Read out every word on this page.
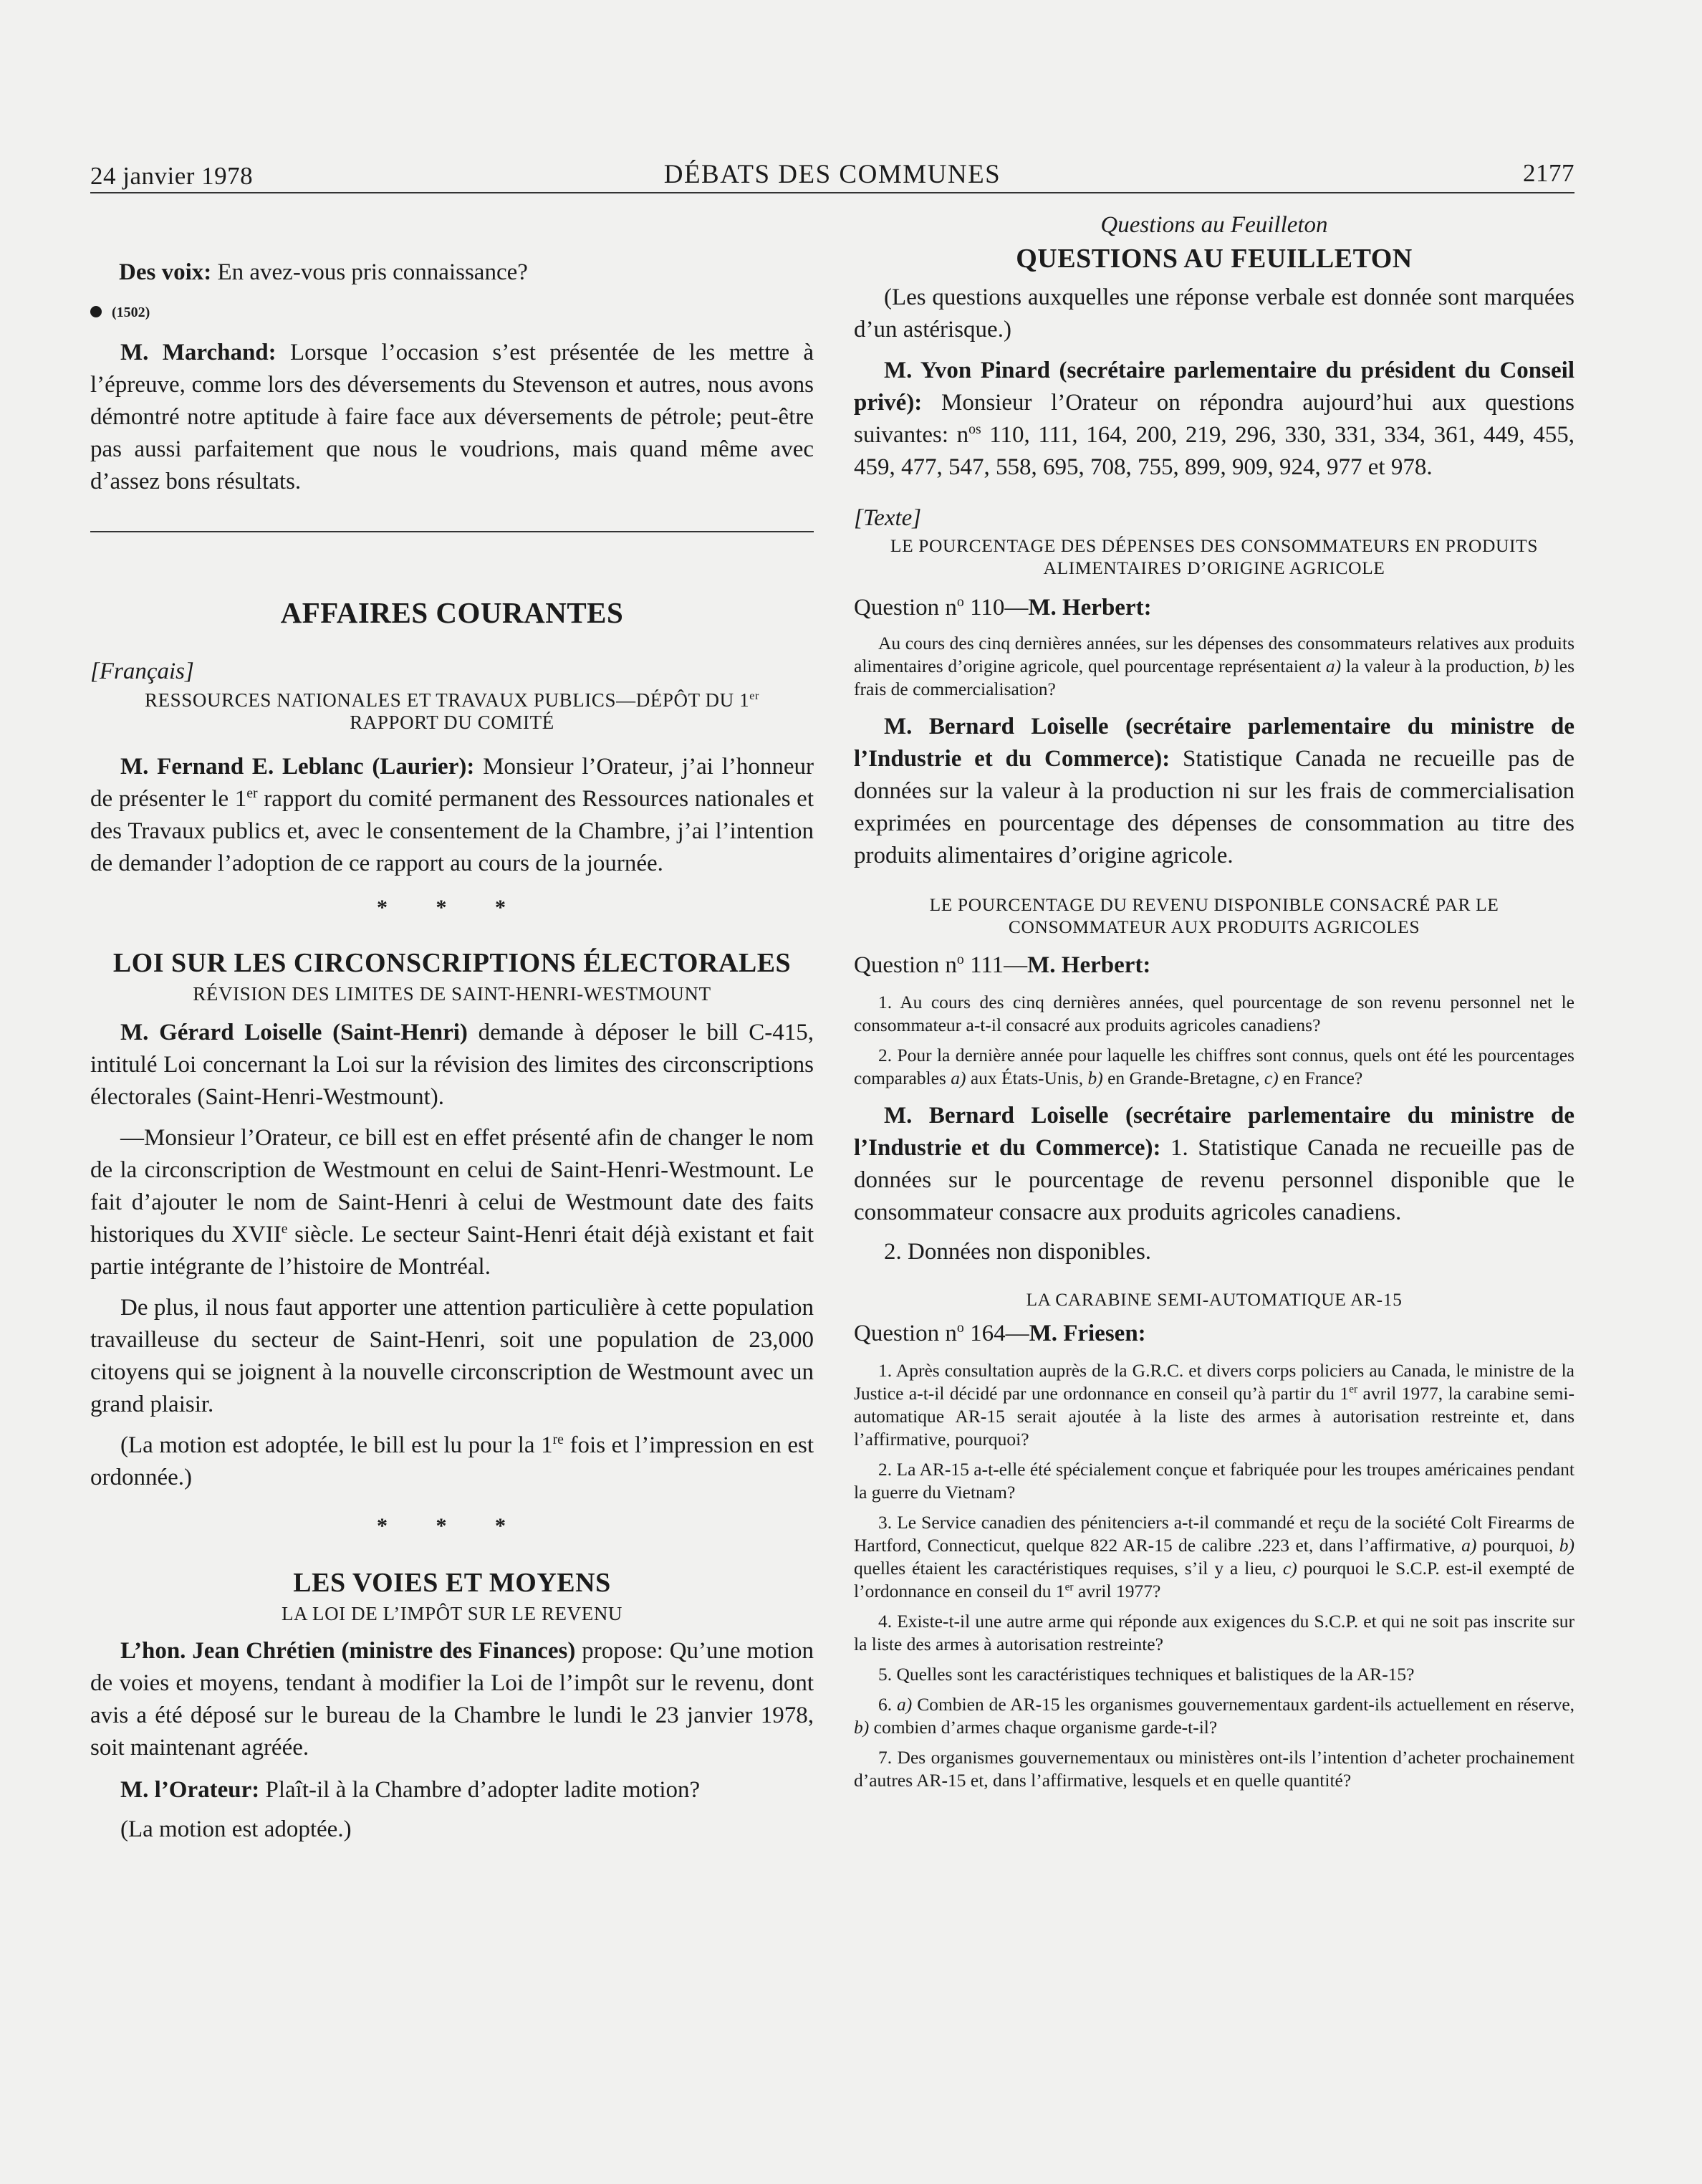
24 janvier 1978	DÉBATS DES COMMUNES	2177

Des voix: En avez-vous pris connaissance?

(1502)

M. Marchand: Lorsque l’occasion s’est présentée de les mettre à l’épreuve, comme lors des déversements du Stevenson et autres, nous avons démontré notre aptitude à faire face aux déversements de pétrole; peut-être pas aussi parfaitement que nous le voudrions, mais quand même avec d’assez bons résultats.

AFFAIRES COURANTES

[Français]

RESSOURCES NATIONALES ET TRAVAUX PUBLICS—DÉPÔT DU 1er
RAPPORT DU COMITÉ

M. Fernand E. Leblanc (Laurier): Monsieur l’Orateur, j’ai l’honneur de présenter le 1er rapport du comité permanent des Ressources nationales et des Travaux publics et, avec le consentement de la Chambre, j’ai l’intention de demander l’adoption de ce rapport au cours de la journée.

* * *

LOI SUR LES CIRCONSCRIPTIONS ÉLECTORALES

RÉVISION DES LIMITES DE SAINT-HENRI-WESTMOUNT

M. Gérard Loiselle (Saint-Henri) demande à déposer le bill C-415, intitulé Loi concernant la Loi sur la révision des limites des circonscriptions électorales (Saint-Henri-Westmount).

—Monsieur l’Orateur, ce bill est en effet présenté afin de changer le nom de la circonscription de Westmount en celui de Saint-Henri-Westmount. Le fait d’ajouter le nom de Saint-Henri à celui de Westmount date des faits historiques du XVIIe siècle. Le secteur Saint-Henri était déjà existant et fait partie intégrante de l’histoire de Montréal.

De plus, il nous faut apporter une attention particulière à cette population travailleuse du secteur de Saint-Henri, soit une population de 23,000 citoyens qui se joignent à la nouvelle circonscription de Westmount avec un grand plaisir.

(La motion est adoptée, le bill est lu pour la 1re fois et l’impression en est ordonnée.)

* * *

LES VOIES ET MOYENS

LA LOI DE L’IMPÔT SUR LE REVENU

L’hon. Jean Chrétien (ministre des Finances) propose: Qu’une motion de voies et moyens, tendant à modifier la Loi de l’impôt sur le revenu, dont avis a été déposé sur le bureau de la Chambre le lundi le 23 janvier 1978, soit maintenant agréée.

M. l’Orateur: Plaît-il à la Chambre d’adopter ladite motion?

(La motion est adoptée.)

Questions au Feuilleton

QUESTIONS AU FEUILLETON

(Les questions auxquelles une réponse verbale est donnée sont marquées d’un astérisque.)

M. Yvon Pinard (secrétaire parlementaire du président du Conseil privé): Monsieur l’Orateur on répondra aujourd’hui aux questions suivantes: $n^{os}$ 110, 111, 164, 200, 219, 296, 330, 331, 334, 361, 449, 455, 459, 477, 547, 558, 695, 708, 755, 899, 909, 924, 977 et 978.

[Texte]

LE POURCENTAGE DES DÉPENSES DES CONSOMMATEURS EN PRODUITS ALIMENTAIRES D’ORIGINE AGRICOLE

Question $n^o$ 110—M. Herbert:

Au cours des cinq dernières années, sur les dépenses des consommateurs relatives aux produits alimentaires d’origine agricole, quel pourcentage représentaient a) la valeur à la production, b) les frais de commercialisation?

M. Bernard Loiselle (secrétaire parlementaire du ministre de l’Industrie et du Commerce): Statistique Canada ne recueille pas de données sur la valeur à la production ni sur les frais de commercialisation exprimées en pourcentage des dépenses de consommation au titre des produits alimentaires d’origine agricole.

LE POURCENTAGE DU REVENU DISPONIBLE CONSACRÉ PAR LE CONSOMMATEUR AUX PRODUITS AGRICOLES

Question $n^o$ 111—M. Herbert:

1. Au cours des cinq dernières années, quel pourcentage de son revenu personnel net le consommateur a-t-il consacré aux produits agricoles canadiens?

2. Pour la dernière année pour laquelle les chiffres sont connus, quels ont été les pourcentages comparables a) aux États-Unis, b) en Grande-Bretagne, c) en France?

M. Bernard Loiselle (secrétaire parlementaire du ministre de l’Industrie et du Commerce): 1. Statistique Canada ne recueille pas de données sur le pourcentage de revenu personnel disponible que le consommateur consacre aux produits agricoles canadiens.

2. Données non disponibles.

LA CARABINE SEMI-AUTOMATIQUE AR-15

Question $n^o$ 164—M. Friesen:

1. Après consultation auprès de la G.R.C. et divers corps policiers au Canada, le ministre de la Justice a-t-il décidé par une ordonnance en conseil qu’à partir du 1er avril 1977, la carabine semi-automatique AR-15 serait ajoutée à la liste des armes à autorisation restreinte et, dans l’affirmative, pourquoi?

2. La AR-15 a-t-elle été spécialement conçue et fabriquée pour les troupes américaines pendant la guerre du Vietnam?

3. Le Service canadien des pénitenciers a-t-il commandé et reçu de la société Colt Firearms de Hartford, Connecticut, quelque 822 AR-15 de calibre .223 et, dans l’affirmative, a) pourquoi, b) quelles étaient les caractéristiques requises, s’il y a lieu, c) pourquoi le S.C.P. est-il exempté de l’ordonnance en conseil du 1er avril 1977?

4. Existe-t-il une autre arme qui réponde aux exigences du S.C.P. et qui ne soit pas inscrite sur la liste des armes à autorisation restreinte?

5. Quelles sont les caractéristiques techniques et balistiques de la AR-15?

6. a) Combien de AR-15 les organismes gouvernementaux gardent-ils actuellement en réserve, b) combien d’armes chaque organisme garde-t-il?

7. Des organismes gouvernementaux ou ministères ont-ils l’intention d’acheter prochainement d’autres AR-15 et, dans l’affirmative, lesquels et en quelle quantité?
